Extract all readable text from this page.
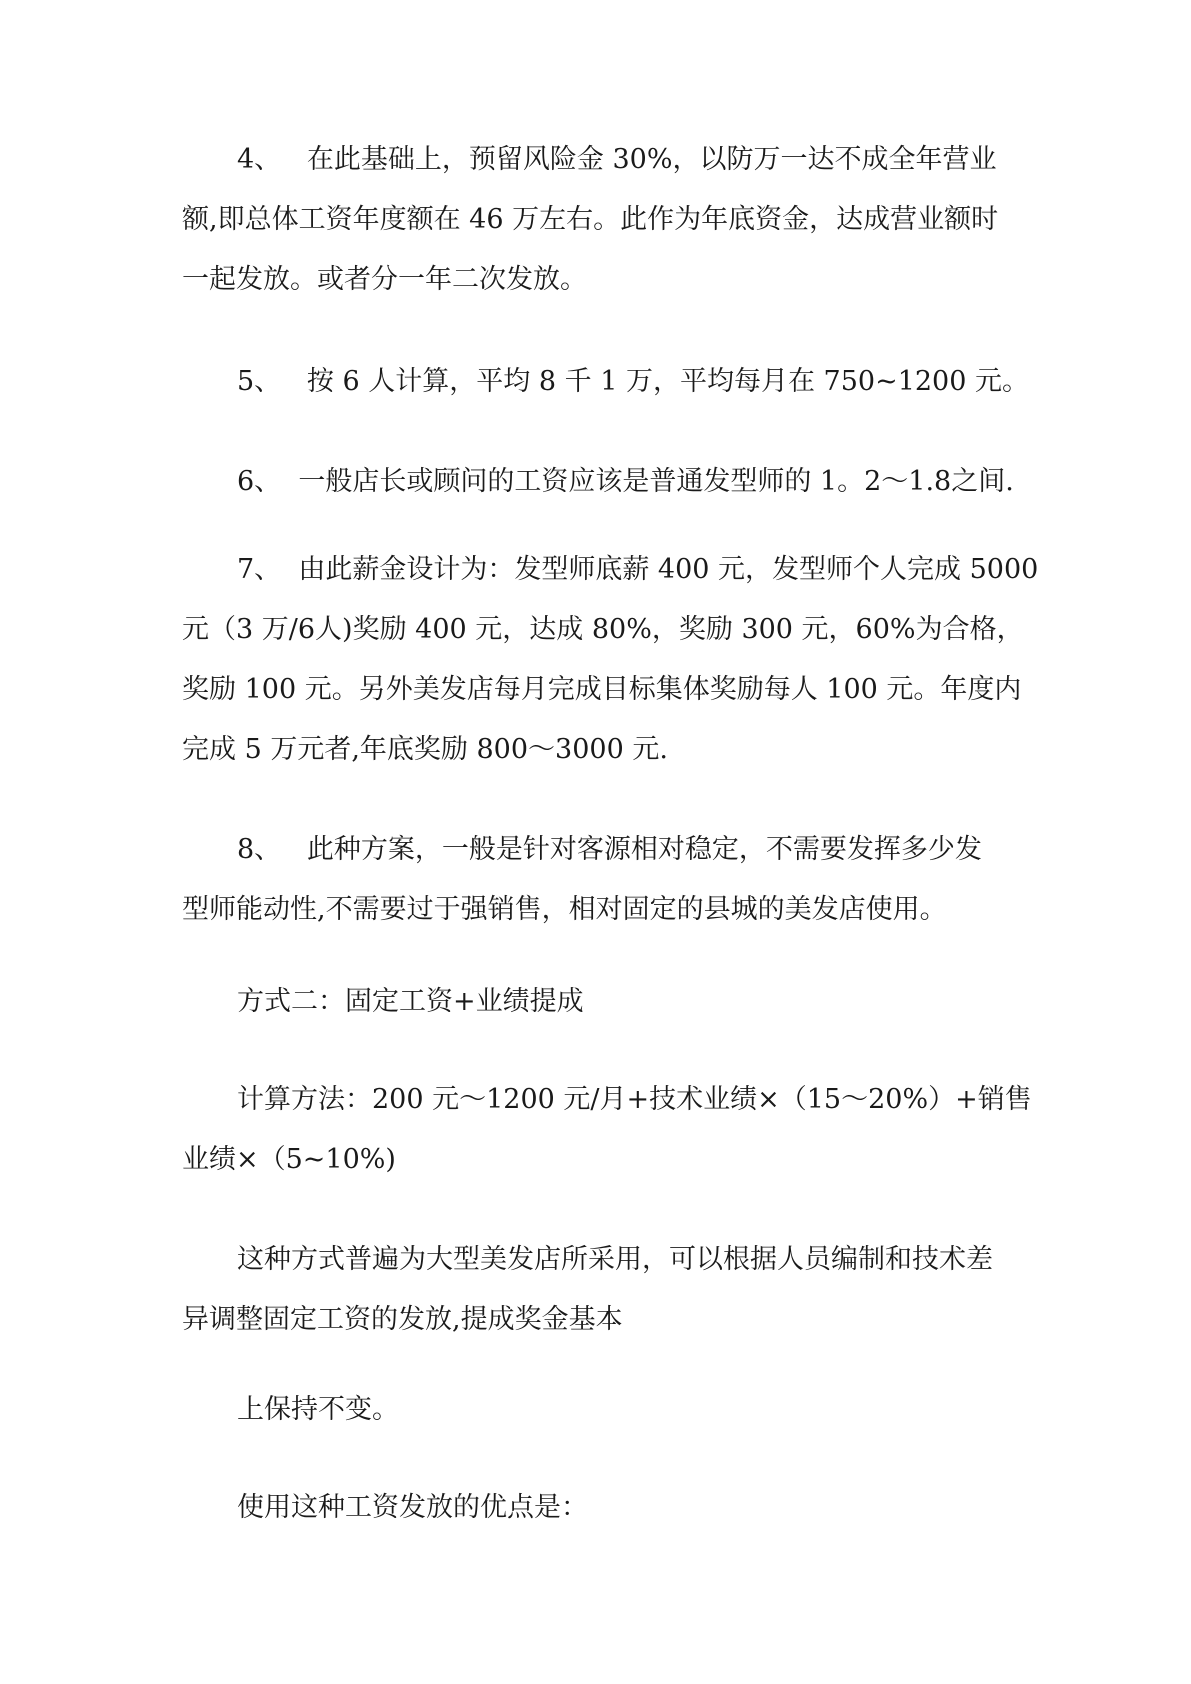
4、   在此基础上，预留风险金 30%，以防万一达不成全年营业
额,即总体工资年度额在 46 万左右。此作为年底资金，达成营业额时
一起发放。或者分一年二次发放。
5、   按 6 人计算，平均 8 千 1 万，平均每月在 750~1200 元。
6、  一般店长或顾问的工资应该是普通发型师的 1。2～1.8之间.
7、  由此薪金设计为：发型师底薪 400 元，发型师个人完成 5000
元（3 万/6人)奖励 400 元，达成 80%，奖励 300 元，60%为合格，
奖励 100 元。另外美发店每月完成目标集体奖励每人 100 元。年度内
完成 5 万元者,年底奖励 800～3000 元.
8、   此种方案，一般是针对客源相对稳定，不需要发挥多少发
型师能动性,不需要过于强销售，相对固定的县城的美发店使用。
方式二：固定工资+业绩提成
计算方法：200 元～1200 元/月+技术业绩×（15～20%）+销售
业绩×（5~10%)
这种方式普遍为大型美发店所采用，可以根据人员编制和技术差
异调整固定工资的发放,提成奖金基本
上保持不变。
使用这种工资发放的优点是：
